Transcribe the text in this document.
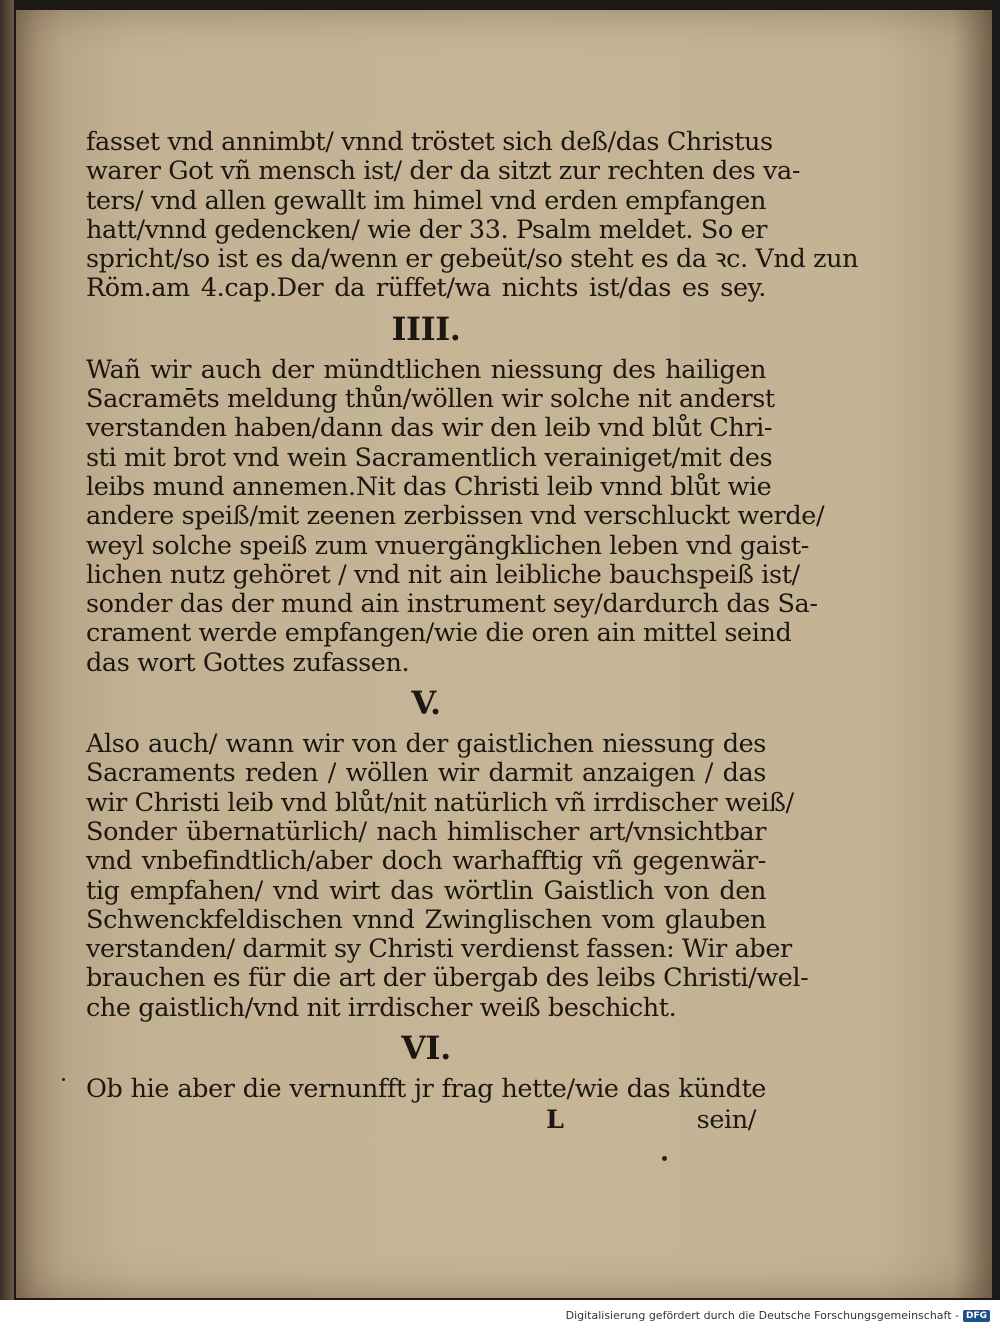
fasset vnd annimbt/ vnnd tröstet sich deß/das Christus
warer Got vñ mensch ist/ der da sitzt zur rechten des va-
ters/ vnd allen gewallt im himel vnd erden empfangen
hatt/vnnd gedencken/ wie der 33. Psalm meldet. So er
spricht/so ist es da/wenn er gebeüt/so steht es da ꝛc. Vnd zun
Röm.am 4.cap.Der da rüffet/wa nichts ist/das es sey.
IIII.
Wañ wir auch der mündtlichen niessung des hailigen
Sacramēts meldung thůn/wöllen wir solche nit anderst
verstanden haben/dann das wir den leib vnd blůt Chri-
sti mit brot vnd wein Sacramentlich verainiget/mit des
leibs mund annemen.Nit das Christi leib vnnd blůt wie
andere speiß/mit zeenen zerbissen vnd verschluckt werde/
weyl solche speiß zum vnuergängklichen leben vnd gaist-
lichen nutz gehöret / vnd nit ain leibliche bauchspeiß ist/
sonder das der mund ain instrument sey/dardurch das Sa-
crament werde empfangen/wie die oren ain mittel seind
das wort Gottes zufassen.
V.
Also auch/ wann wir von der gaistlichen niessung des
Sacraments reden / wöllen wir darmit anzaigen / das
wir Christi leib vnd blůt/nit natürlich vñ irrdischer weiß/
Sonder übernatürlich/ nach himlischer art/vnsichtbar
vnd vnbefindtlich/aber doch warhafftig vñ gegenwär-
tig empfahen/ vnd wirt das wörtlin Gaistlich von den
Schwenckfeldischen vnnd Zwinglischen vom glauben
verstanden/ darmit sy Christi verdienst fassen: Wir aber
brauchen es für die art der übergab des leibs Christi/wel-
che gaistlich/vnd nit irrdischer weiß beschicht.
VI.
Ob hie aber die vernunfft jr frag hette/wie das kündte
L	sein/
Digitalisierung gefördert durch die Deutsche Forschungsgemeinschaft - DFG
